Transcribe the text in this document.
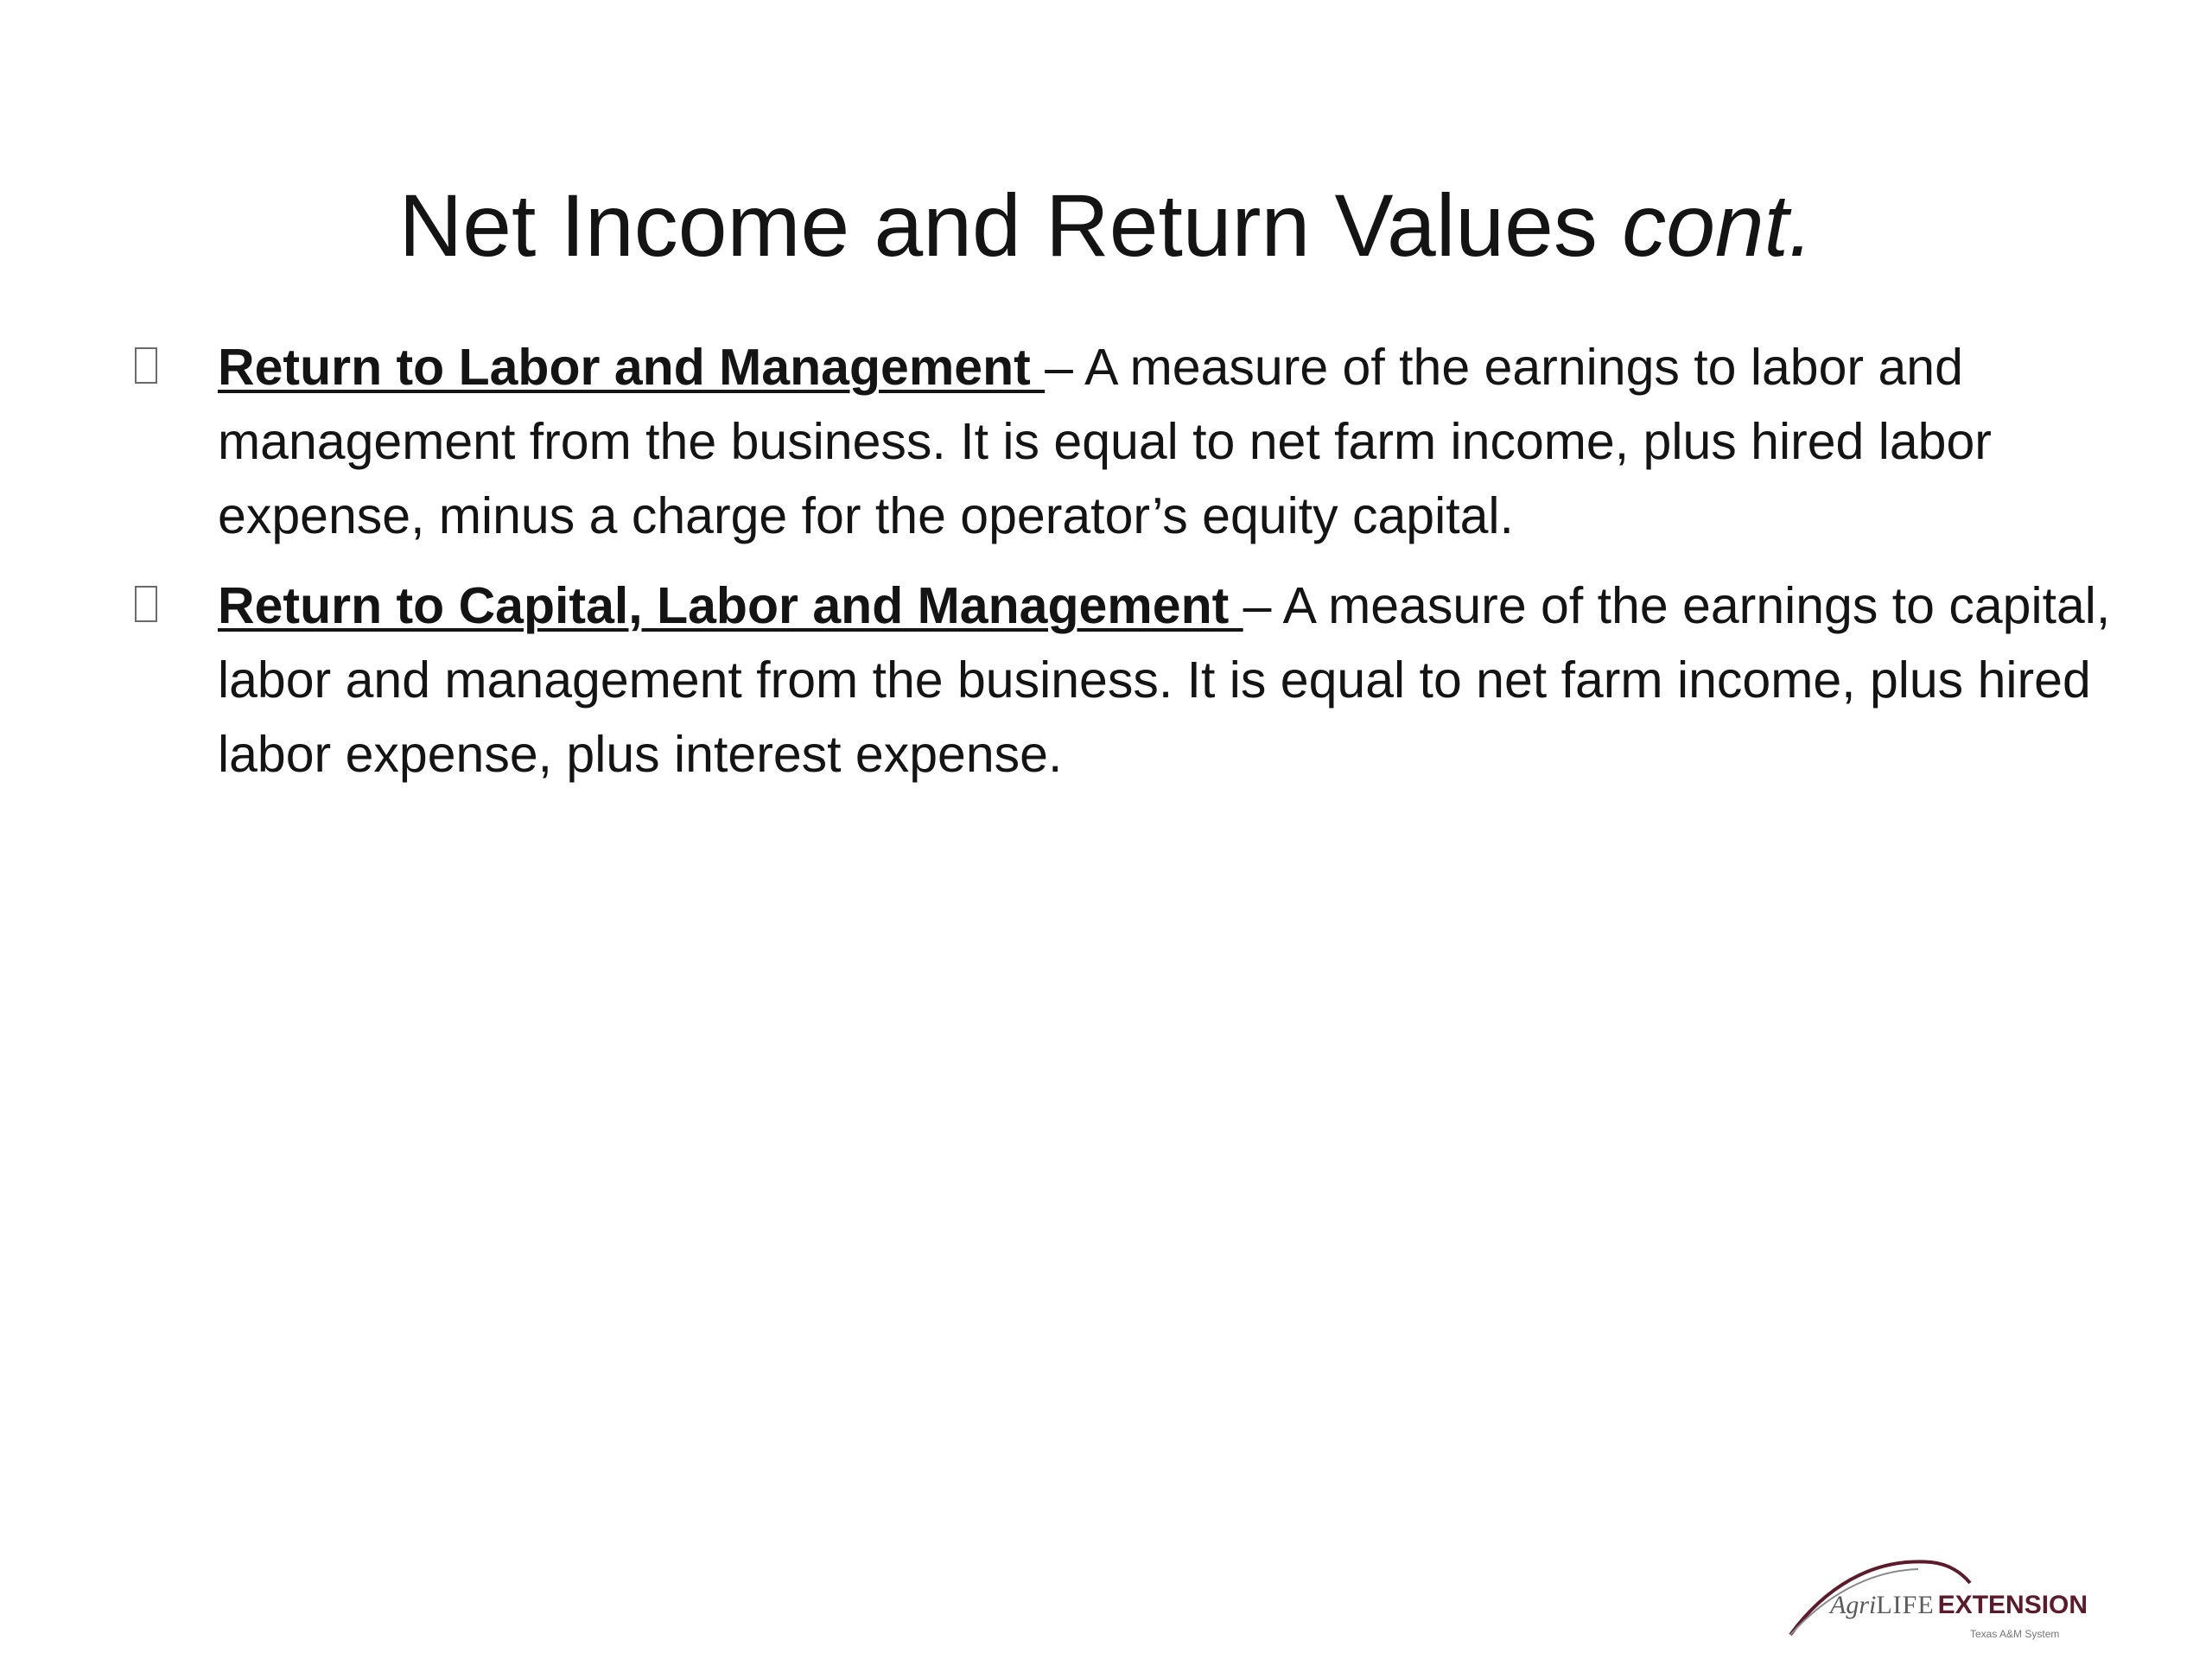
Net Income and Return Values cont.
Return to Labor and Management – A measure of the earnings to labor and management from the business. It is equal to net farm income, plus hired labor expense, minus a charge for the operator’s equity capital.
Return to Capital, Labor and Management – A measure of the earnings to capital, labor and management from the business. It is equal to net farm income, plus hired labor expense, plus interest expense.
AgriLIFE EXTENSION
Texas A&M System
